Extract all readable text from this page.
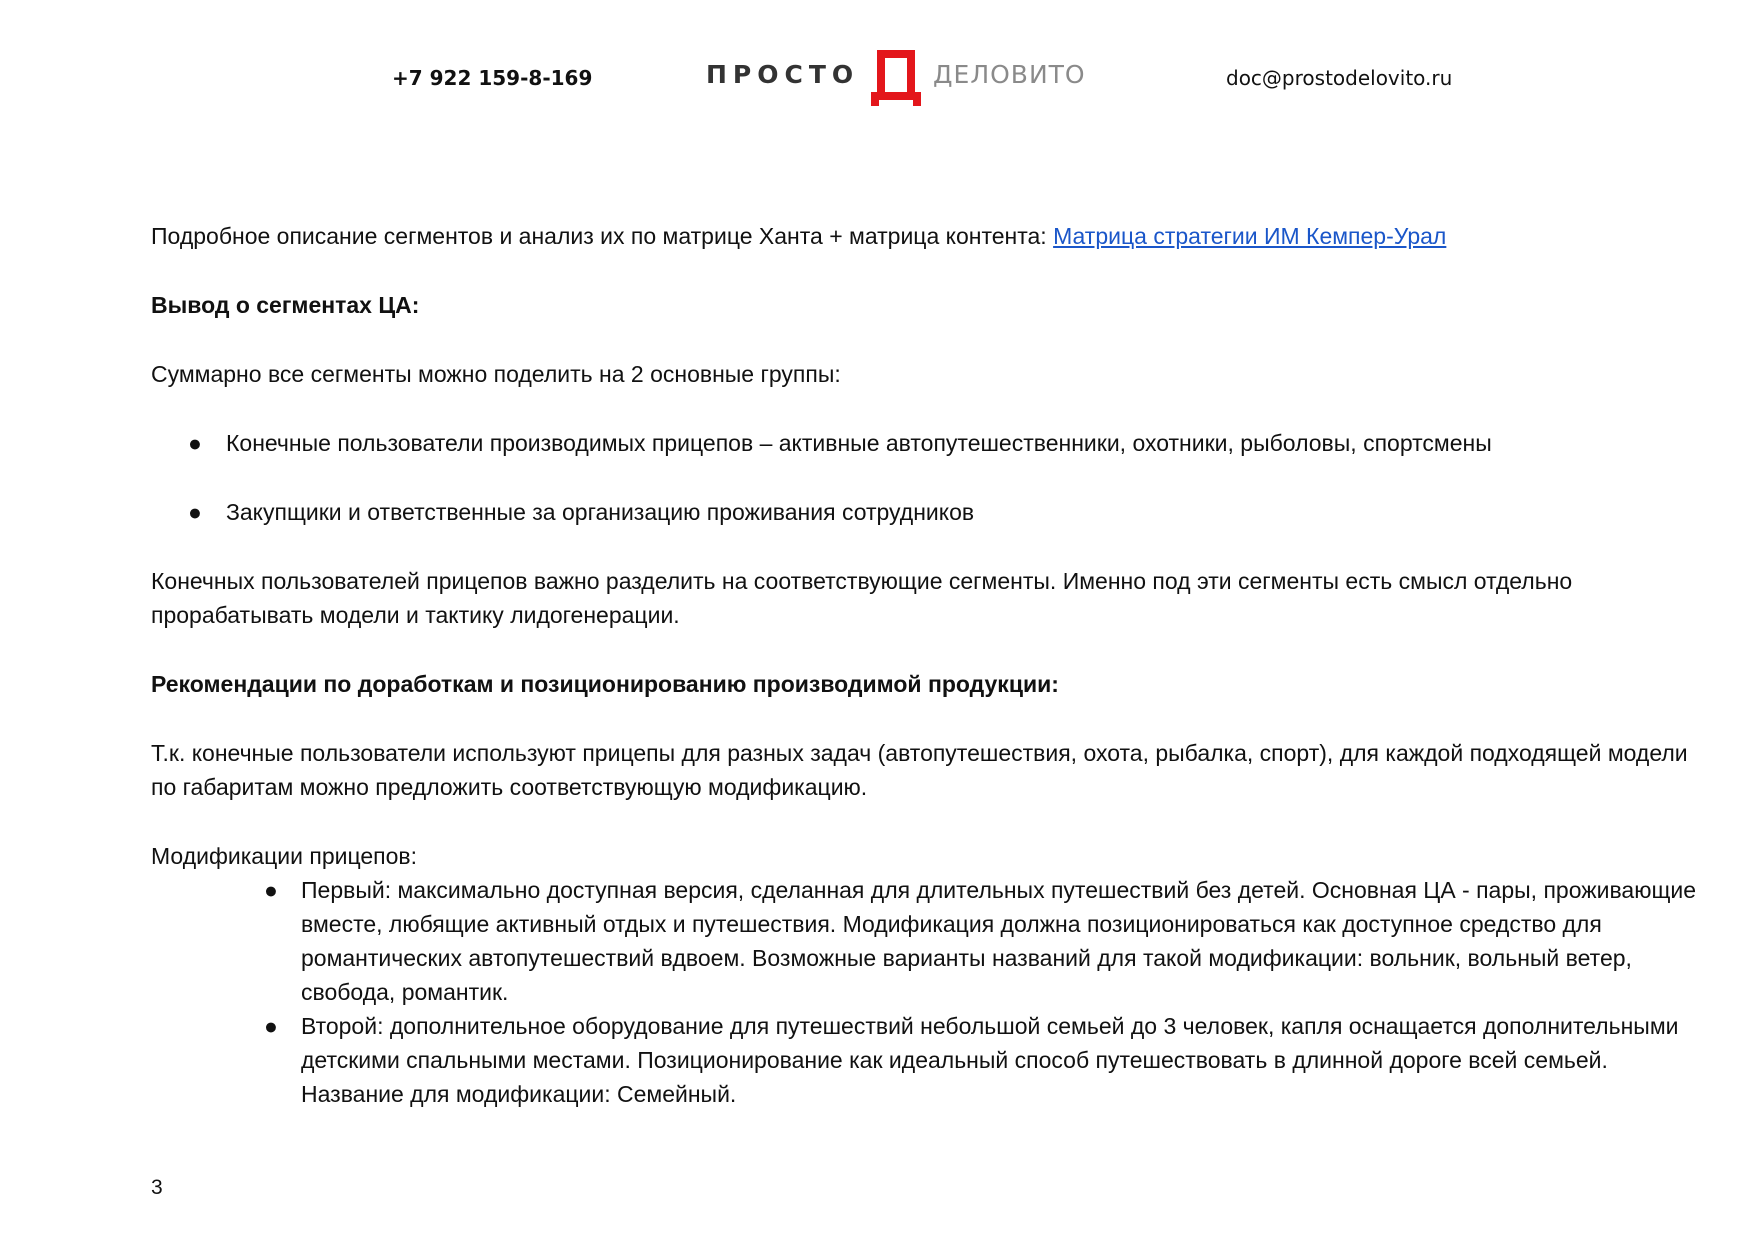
+7 922 159-8-169	ПРОСТО	ДЕЛОВИТО	doc@prostodelovito.ru

Подробное описание сегментов и анализ их по матрице Ханта + матрица контента: Матрица стратегии ИМ Кемпер-Урал

Вывод о сегментах ЦА:

Суммарно все сегменты можно поделить на 2 основные группы:

● Конечные пользователи производимых прицепов – активные автопутешественники, охотники, рыболовы, спортсмены
● Закупщики и ответственные за организацию проживания сотрудников

Конечных пользователей прицепов важно разделить на соответствующие сегменты. Именно под эти сегменты есть смысл отдельно прорабатывать модели и тактику лидогенерации.

Рекомендации по доработкам и позиционированию производимой продукции:

Т.к. конечные пользователи используют прицепы для разных задач (автопутешествия, охота, рыбалка, спорт), для каждой подходящей модели по габаритам можно предложить соответствующую модификацию.

Модификации прицепов:

● Первый: максимально доступная версия, сделанная для длительных путешествий без детей. Основная ЦА - пары, проживающие вместе, любящие активный отдых и путешествия. Модификация должна позиционироваться как доступное средство для романтических автопутешествий вдвоем. Возможные варианты названий для такой модификации: вольник, вольный ветер, свобода, романтик.
● Второй: дополнительное оборудование для путешествий небольшой семьей до 3 человек, капля оснащается дополнительными детскими спальными местами. Позиционирование как идеальный способ путешествовать в длинной дороге всей семьей. Название для модификации: Семейный.
3
